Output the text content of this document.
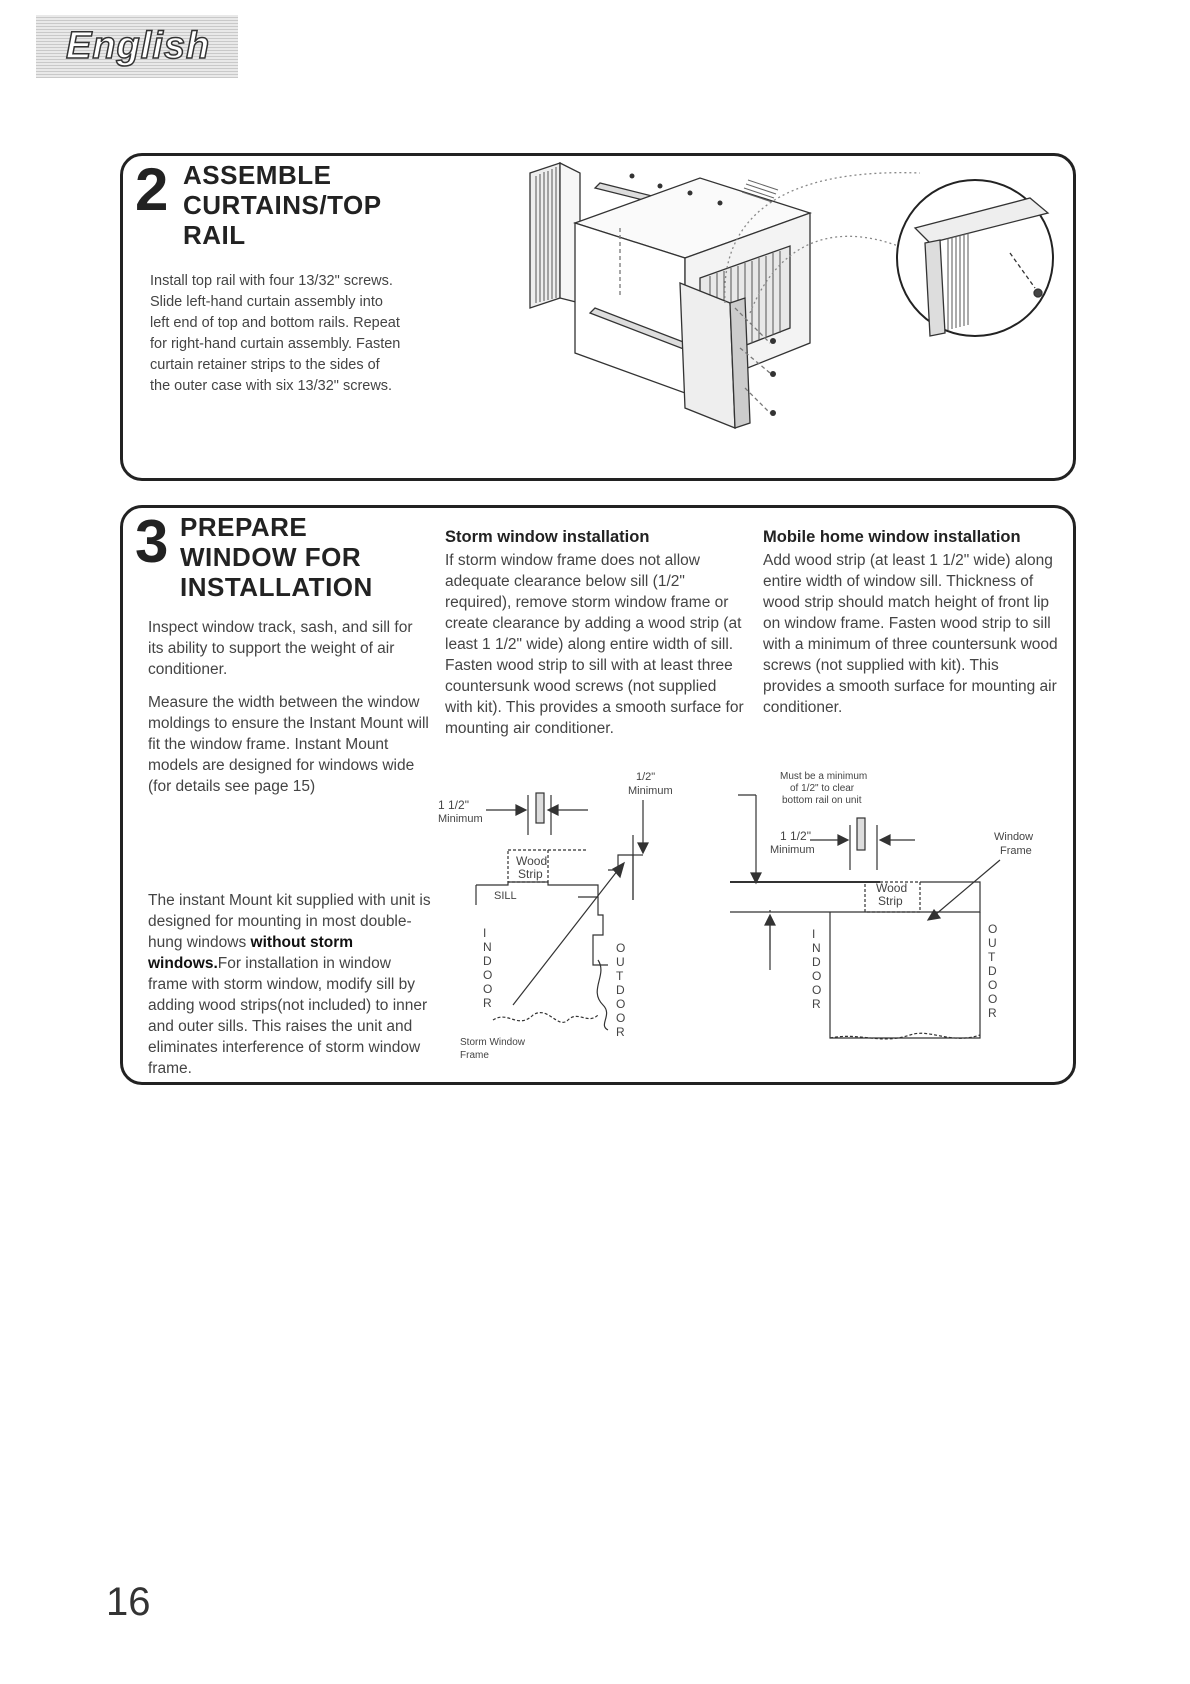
English
2 ASSEMBLE
CURTAINS/TOP
RAIL
Install top rail with four 13/32" screws.
Slide left-hand curtain assembly into
left end of top and bottom rails. Repeat
for right-hand curtain assembly. Fasten
curtain retainer strips to the sides of
the outer case with six 13/32" screws.
3 PREPARE
WINDOW FOR
INSTALLATION

Inspect window track, sash, and sill for its ability to support the weight of air conditioner.

Measure the width between the window moldings to ensure the Instant Mount will fit the window frame. Instant Mount models are designed for windows wide (for details see page 15)

The instant Mount kit supplied with unit is designed for mounting in most double-hung windows without storm windows.For installation in window frame with storm window, modify sill by adding wood strips(not included) to inner and outer sills. This raises the unit and eliminates interference of storm window frame.
Storm window installation
If storm window frame does not allow adequate clearance below sill (1/2" required), remove storm window frame or create clearance by adding a wood strip (at least 1 1/2" wide) along entire width of sill. Fasten wood strip to sill with at least three countersunk wood screws (not supplied with kit). This provides a smooth surface for mounting air conditioner.
Mobile home window installation
Add wood strip (at least 1 1/2" wide) along entire width of window sill. Thickness of wood strip should match height of front lip on window frame. Fasten wood strip to sill with a minimum of three countersunk wood screws (not supplied with kit). This provides a smooth surface for mounting air conditioner.
1/2"
Minimum
1 1/2"
Minimum
Wood
Strip
SILL
Storm Window
Frame
I
N
D
O
O
R
O
U
T
D
O
O
R
Must be a minimum
of 1/2" to clear
bottom rail on unit
1 1/2"
Minimum
Window
Frame
Wood
Strip
I
N
D
O
O
R
O
U
T
D
O
O
R
16
